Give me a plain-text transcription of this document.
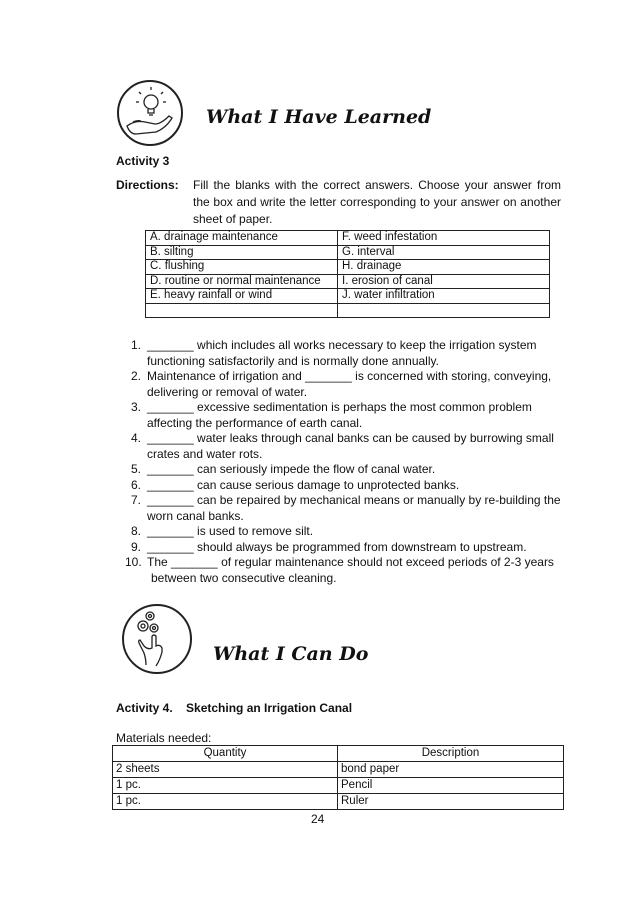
What I Have Learned
Activity 3
Directions: Fill the blanks with the correct answers. Choose your answer from the box and write the letter corresponding to your answer on another sheet of paper.
A. drainage maintenance	F. weed infestation
B. silting	G. interval
C. flushing	H. drainage
D. routine or normal maintenance	I. erosion of canal
E. heavy rainfall or wind	J. water infiltration

1. _______ which includes all works necessary to keep the irrigation system
functioning satisfactorily and is normally done annually.
2. Maintenance of irrigation and _______ is concerned with storing, conveying,
delivering or removal of water.
3. _______ excessive sedimentation is perhaps the most common problem
affecting the performance of earth canal.
4. _______ water leaks through canal banks can be caused by burrowing small
crates and water rots.
5. _______ can seriously impede the flow of canal water.
6. _______ can cause serious damage to unprotected banks.
7. _______ can be repaired by mechanical means or manually by re-building the
worn canal banks.
8. _______ is used to remove silt.
9. _______ should always be programmed from downstream to upstream.
10. The _______ of regular maintenance should not exceed periods of 2-3 years
between two consecutive cleaning.
What I Can Do
Activity 4.    Sketching an Irrigation Canal
Materials needed:
Quantity	Description
2 sheets	bond paper
1 pc.	Pencil
1 pc.	Ruler
24
